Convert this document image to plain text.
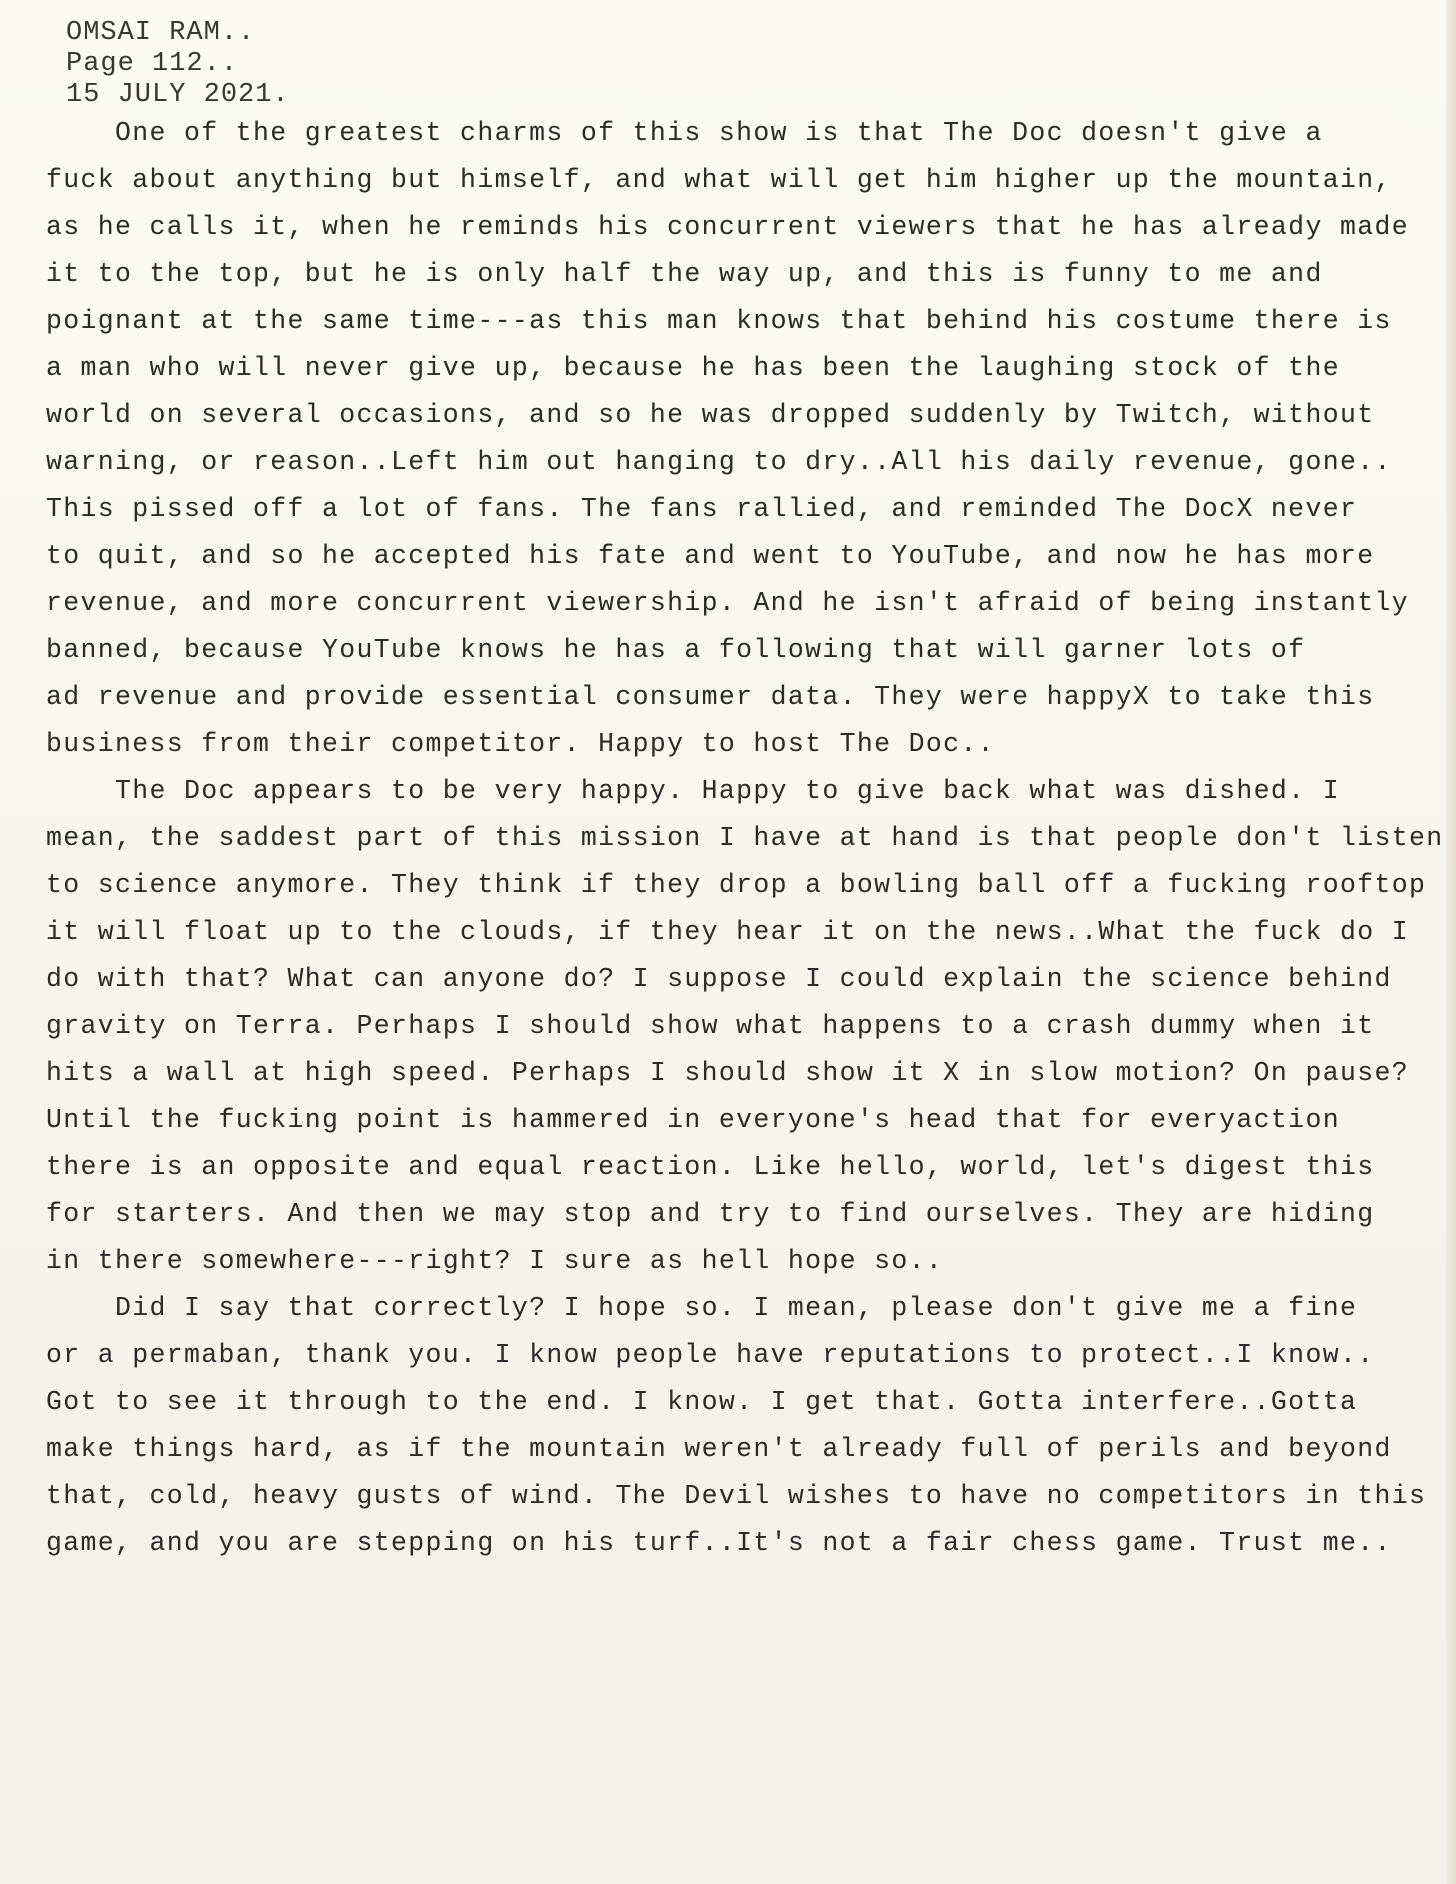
OMSAI RAM..
Page 112..
15 JULY 2021.
One of the greatest charms of this show is that The Doc doesn't give a
fuck about anything but himself, and what will get him higher up the mountain,
as he calls it, when he reminds his concurrent viewers that he has already made
it to the top, but he is only half the way up, and this is funny to me and
poignant at the same time---as this man knows that behind his costume there is
a man who will never give up, because he has been the laughing stock of the
world on several occasions, and so he was dropped suddenly by Twitch, without
warning, or reason..Left him out hanging to dry..All his daily revenue, gone..
This pissed off a lot of fans. The fans rallied, and reminded The DocX never
to quit, and so he accepted his fate and went to YouTube, and now he has more
revenue, and more concurrent viewership. And he isn't afraid of being instantly
banned, because YouTube knows he has a following that will garner lots of
ad revenue and provide essential consumer data. They were happyX to take this
business from their competitor. Happy to host The Doc..
The Doc appears to be very happy. Happy to give back what was dished. I
mean, the saddest part of this mission I have at hand is that people don't listen
to science anymore. They think if they drop a bowling ball off a fucking rooftop
it will float up to the clouds, if they hear it on the news..What the fuck do I
do with that? What can anyone do? I suppose I could explain the science behind
gravity on Terra. Perhaps I should show what happens to a crash dummy when it
hits a wall at high speed. Perhaps I should show it X in slow motion? On pause?
Until the fucking point is hammered in everyone's head that for everyaction
there is an opposite and equal reaction. Like hello, world, let's digest this
for starters. And then we may stop and try to find ourselves. They are hiding
in there somewhere---right? I sure as hell hope so..
Did I say that correctly? I hope so. I mean, please don't give me a fine
or a permaban, thank you. I know people have reputations to protect..I know..
Got to see it through to the end. I know. I get that. Gotta interfere..Gotta
make things hard, as if the mountain weren't already full of perils and beyond
that, cold, heavy gusts of wind. The Devil wishes to have no competitors in this
game, and you are stepping on his turf..It's not a fair chess game. Trust me..
